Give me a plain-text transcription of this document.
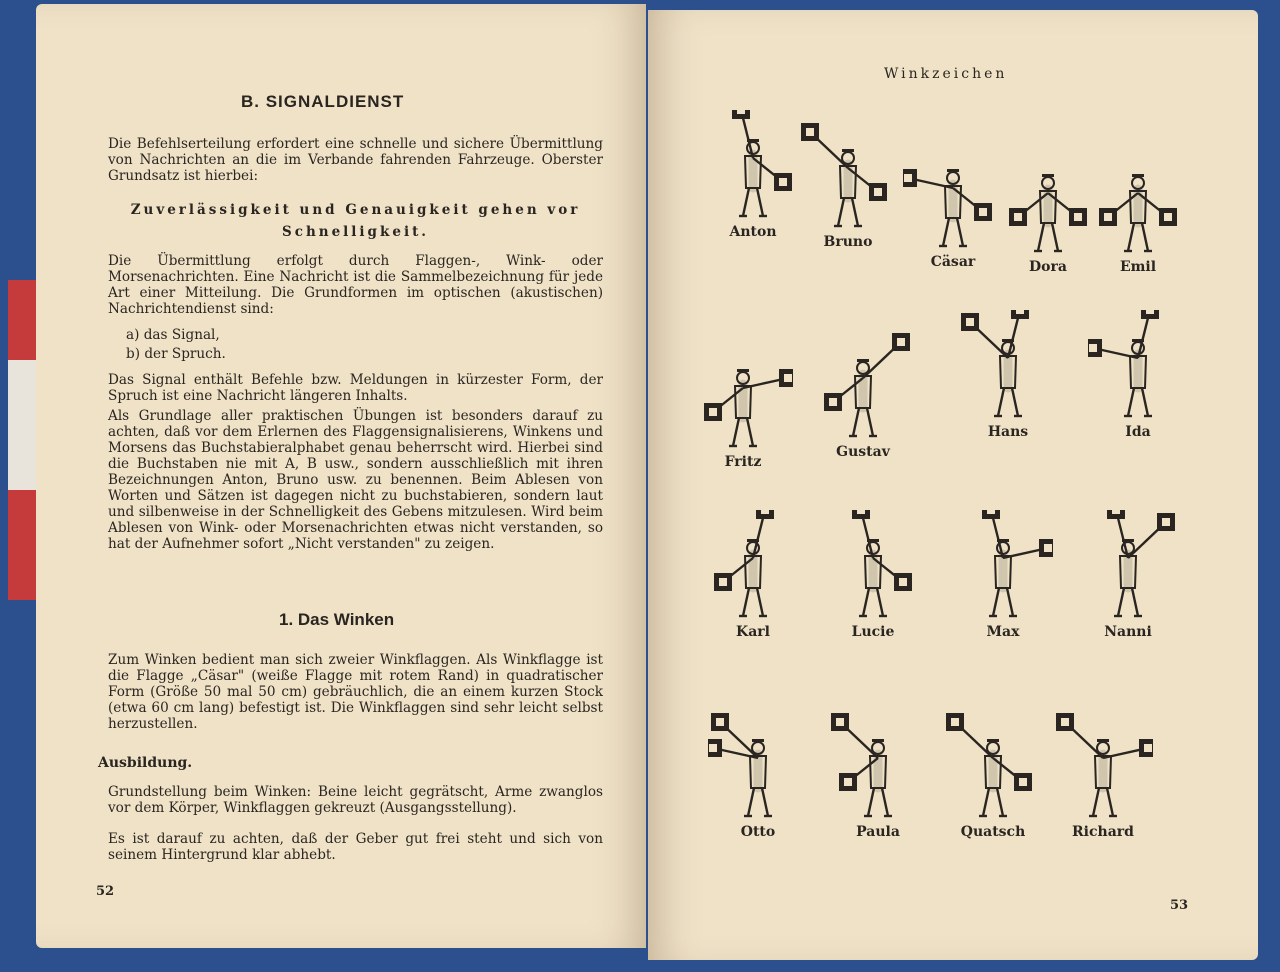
B. SIGNALDIENST
Die Befehlserteilung erfordert eine schnelle und sichere Übermittlung von Nachrichten an die im Verbande fahrenden Fahrzeuge. Oberster Grundsatz ist hierbei:
Zuverlässigkeit und Genauigkeit gehen vor
Schnelligkeit.
Die Übermittlung erfolgt durch Flaggen-, Wink- oder Morsenachrichten. Eine Nachricht ist die Sammelbezeichnung für jede Art einer Mitteilung. Die Grundformen im optischen (akustischen) Nachrichtendienst sind:
a) das Signal,
b) der Spruch.
Das Signal enthält Befehle bzw. Meldungen in kürzester Form, der Spruch ist eine Nachricht längeren Inhalts.
Als Grundlage aller praktischen Übungen ist besonders darauf zu achten, daß vor dem Erlernen des Flaggensignalisierens, Winkens und Morsens das Buchstabieralphabet genau beherrscht wird. Hierbei sind die Buchstaben nie mit A, B usw., sondern ausschließlich mit ihren Bezeichnungen Anton, Bruno usw. zu benennen. Beim Ablesen von Worten und Sätzen ist dagegen nicht zu buchstabieren, sondern laut und silbenweise in der Schnelligkeit des Gebens mitzulesen. Wird beim Ablesen von Wink- oder Morsenachrichten etwas nicht verstanden, so hat der Aufnehmer sofort „Nicht verstanden" zu zeigen.
1. Das Winken
Zum Winken bedient man sich zweier Winkflaggen. Als Winkflagge ist die Flagge „Cäsar" (weiße Flagge mit rotem Rand) in quadratischer Form (Größe 50 mal 50 cm) gebräuchlich, die an einem kurzen Stock (etwa 60 cm lang) befestigt ist. Die Winkflaggen sind sehr leicht selbst herzustellen.
Ausbildung.
Grundstellung beim Winken: Beine leicht gegrätscht, Arme zwanglos vor dem Körper, Winkflaggen gekreuzt (Ausgangsstellung).
Es ist darauf zu achten, daß der Geber gut frei steht und sich von seinem Hintergrund klar abhebt.
52
Winkzeichen
Anton
Bruno
Cäsar	Dora	Emil
Fritz
Gustav
Hans	Ida
Karl	Lucie	Max	Nanni
Otto	Paula	Quatsch	Richard
53
